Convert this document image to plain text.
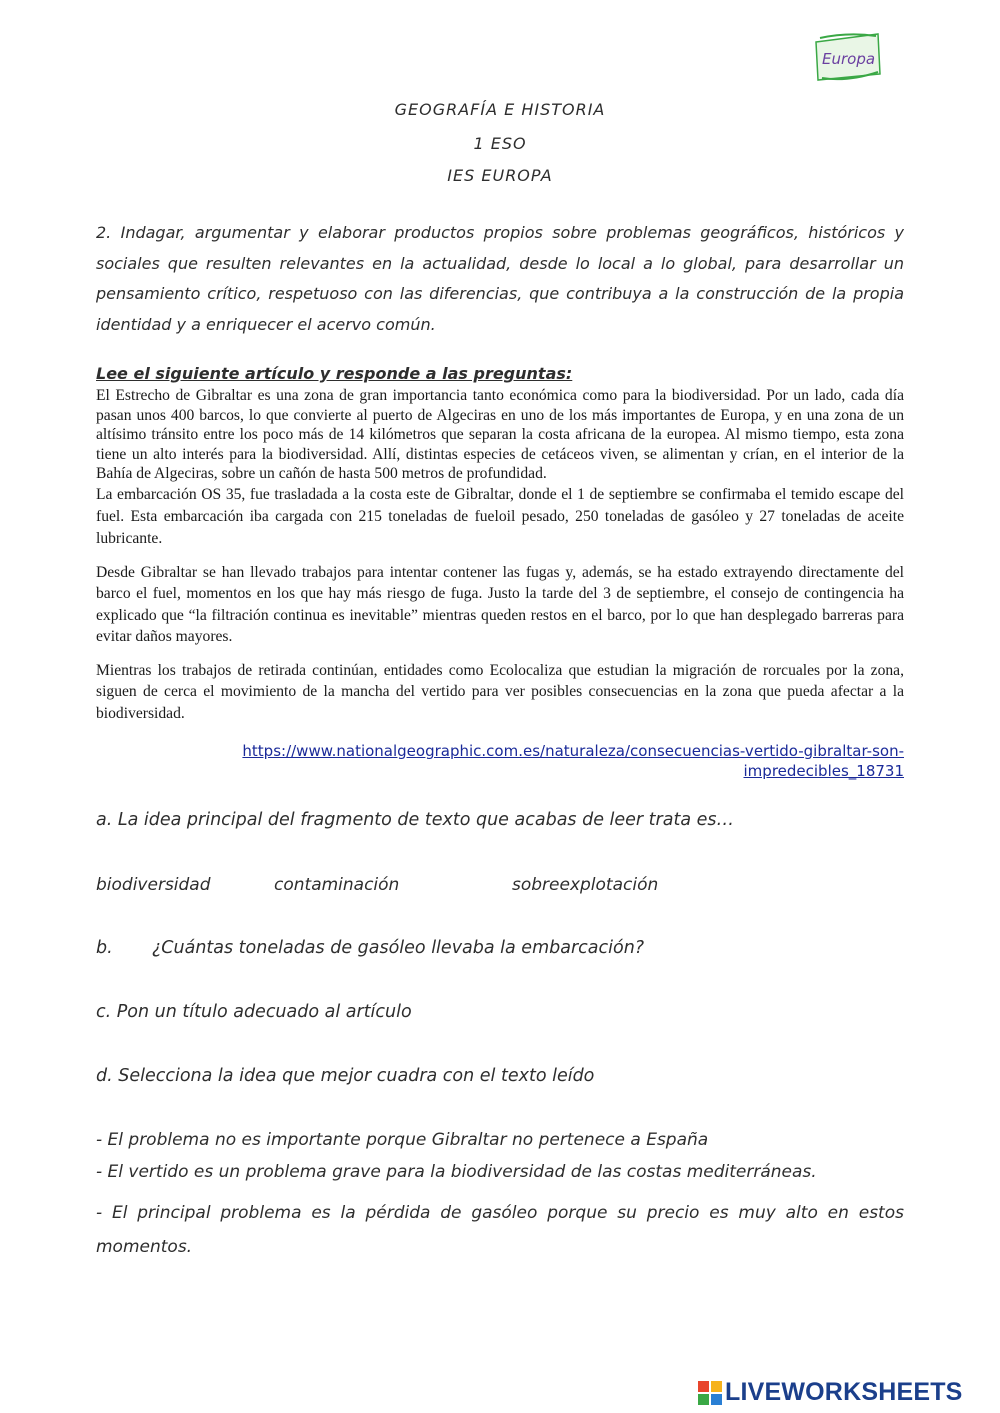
Europa
GEOGRAFÍA E HISTORIA
1 ESO
IES EUROPA
2. Indagar, argumentar y elaborar productos propios sobre problemas geográficos, históricos y sociales que resulten relevantes en la actualidad, desde lo local a lo global, para desarrollar un pensamiento crítico, respetuoso con las diferencias, que contribuya a la construcción de la propia identidad y a enriquecer el acervo común.
Lee el siguiente artículo y responde a las preguntas:

El Estrecho de Gibraltar es una zona de gran importancia tanto económica como para la biodiversidad. Por un lado, cada día pasan unos 400 barcos, lo que convierte al puerto de Algeciras en uno de los más importantes de Europa, y en una zona de un altísimo tránsito entre los poco más de 14 kilómetros que separan la costa africana de la europea. Al mismo tiempo, esta zona tiene un alto interés para la biodiversidad. Allí, distintas especies de cetáceos viven, se alimentan y crían, en el interior de la Bahía de Algeciras, sobre un cañón de hasta 500 metros de profundidad.

La embarcación OS 35, fue trasladada a la costa este de Gibraltar, donde el 1 de septiembre se confirmaba el temido escape del fuel. Esta embarcación iba cargada con 215 toneladas de fueloil pesado, 250 toneladas de gasóleo y 27 toneladas de aceite lubricante.

Desde Gibraltar se han llevado trabajos para intentar contener las fugas y, además, se ha estado extrayendo directamente del barco el fuel, momentos en los que hay más riesgo de fuga. Justo la tarde del 3 de septiembre, el consejo de contingencia ha explicado que “la filtración continua es inevitable” mientras queden restos en el barco, por lo que han desplegado barreras para evitar daños mayores.

Mientras los trabajos de retirada continúan, entidades como Ecolocaliza que estudian la migración de rorcuales por la zona, siguen de cerca el movimiento de la mancha del vertido para ver posibles consecuencias en la zona que pueda afectar a la biodiversidad.

https://www.nationalgeographic.com.es/naturaleza/consecuencias-vertido-gibraltar-son-impredecibles_18731
a. La idea principal del fragmento de texto que acabas de leer trata es…
biodiversidad	contaminación	sobreexplotación
b. ¿Cuántas toneladas de gasóleo llevaba la embarcación?
c. Pon un título adecuado al artículo
d. Selecciona la idea que mejor cuadra con el texto leído
- El problema no es importante porque Gibraltar no pertenece a España
- El vertido es un problema grave para la biodiversidad de las costas mediterráneas.
- El principal problema es la pérdida de gasóleo porque su precio es muy alto en estos momentos.
LIVEWORKSHEETS
